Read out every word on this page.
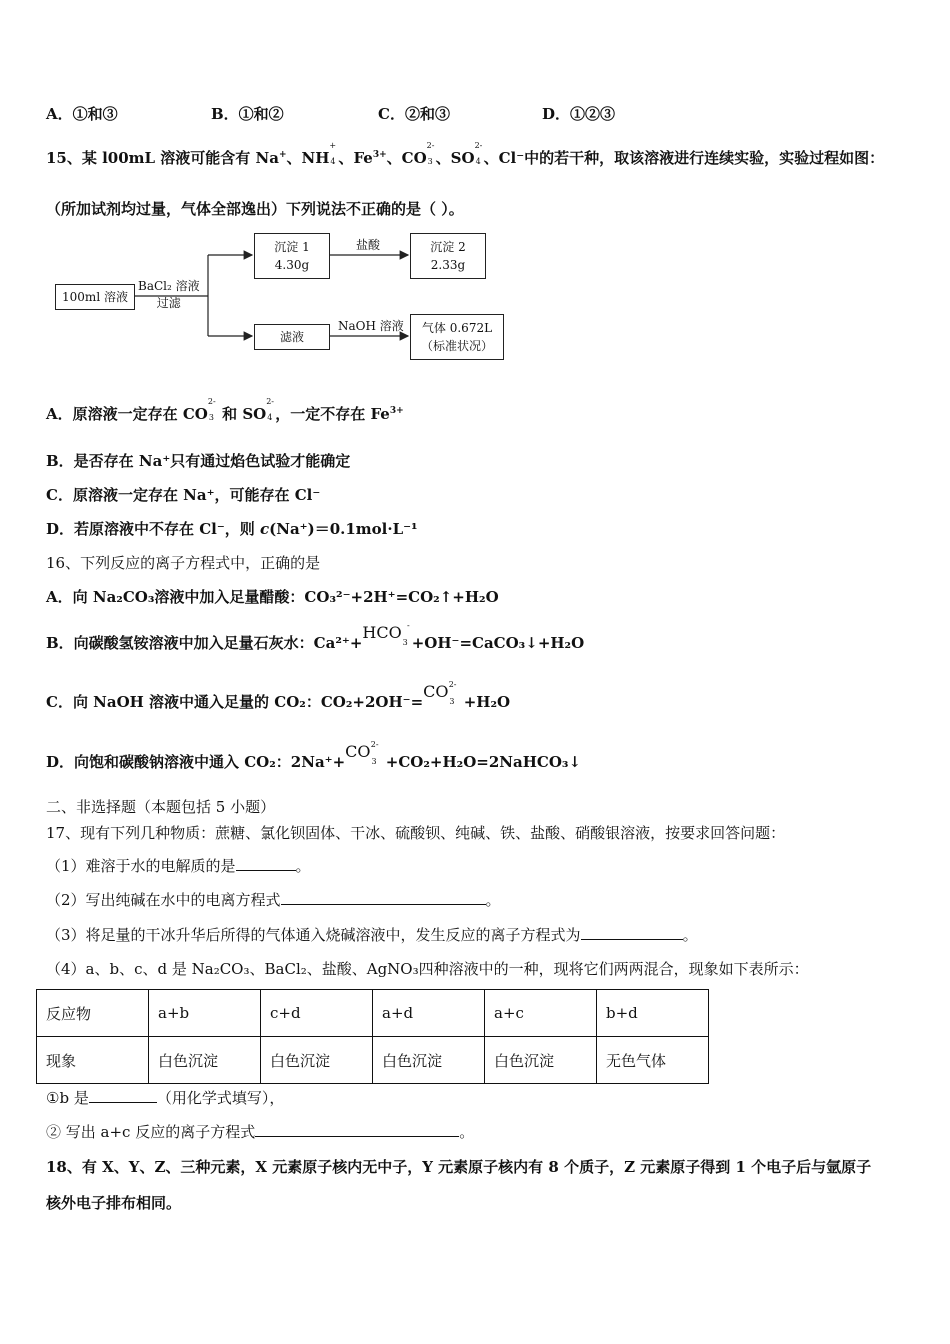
A．①和③	B．①和②	C．②和③	D．①②③
15、某 l00mL 溶液可能含有 Na+、NH
+
4 、$Fe^{3+}$、CO
2-
3 、SO
2-
4 、Cl⁻中的若干种，取该溶液进行连续实验，实验过程如图：
（所加试剂均过量，气体全部逸出）下列说法不正确的是（ ）。
100ml 溶液
BaCl₂ 溶液
过滤
沉淀 1
4.30g
盐酸	沉淀 2
2.33g
滤液
NaOH 溶液	气体 0.672L
（标准状况）
A．原溶液一定存在 CO
2-
3 和 SO
2-
4 ，一定不存在 $Fe^{3+}$
B．是否存在 Na⁺只有通过焰色试验才能确定
C．原溶液一定存在 Na⁺，可能存在 Cl⁻
D．若原溶液中不存在 Cl⁻，则 c(Na⁺)＝0.1mol·L⁻¹
16、下列反应的离子方程式中，正确的是
A．向 Na₂CO₃溶液中加入足量醋酸：CO₃²⁻+2H⁺=CO₂↑+H₂O
B．向碳酸氢铵溶液中加入足量石灰水：Ca²⁺+HCO -
3 +OH⁻=CaCO₃↓+H₂O
C．向 NaOH 溶液中通入足量的 CO₂：CO₂+2OH⁻=CO 2-
3 +H₂O
D．向饱和碳酸钠溶液中通入 CO₂：2Na⁺+CO 2-
3 +CO₂+H₂O=2NaHCO₃↓
二、非选择题（本题包括 5 小题）
17、现有下列几种物质：蔗糖、氯化钡固体、干冰、硫酸钡、纯碱、铁、盐酸、硝酸银溶液，按要求回答问题：
（1）难溶于水的电解质的是	。
（2）写出纯碱在水中的电离方程式	。
（3）将足量的干冰升华后所得的气体通入烧碱溶液中，发生反应的离子方程式为	。
（4）a、b、c、d 是 Na₂CO₃、BaCl₂、盐酸、AgNO₃四种溶液中的一种，现将它们两两混合，现象如下表所示：
反应物	a+b	c+d	a+d	a+c	b+d
现象	白色沉淀	白色沉淀	白色沉淀	白色沉淀	无色气体
①b 是	（用化学式填写），
② 写出 a+c 反应的离子方程式	。
18、有 X、Y、Z、三种元素，X 元素原子核内无中子，Y 元素原子核内有 8 个质子，Z 元素原子得到 1 个电子后与氩原子
核外电子排布相同。
